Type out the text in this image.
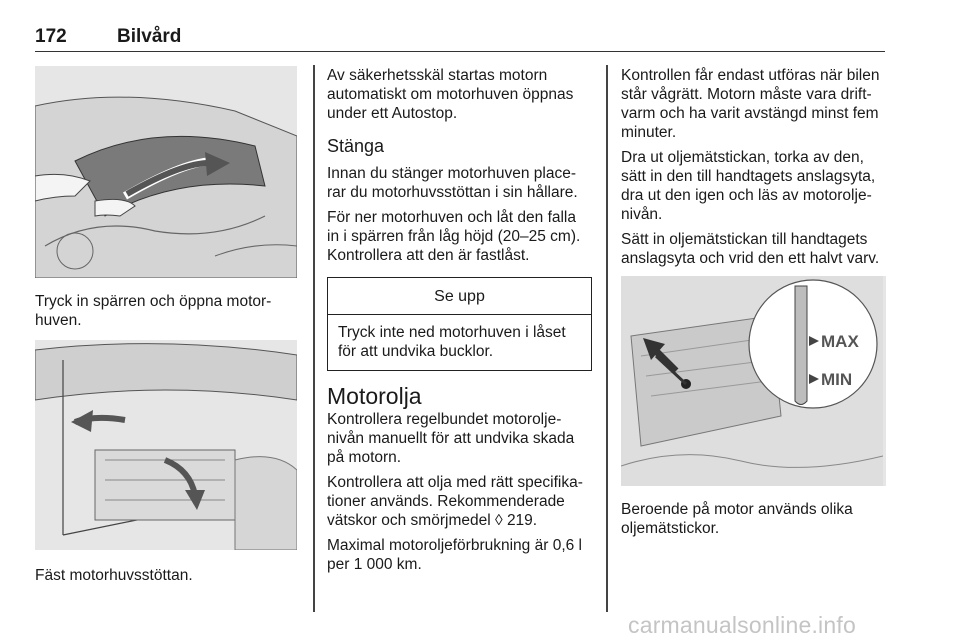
172	Bilvård

Tryck in spärren och öppna motor-huven.

Fäst motorhuvsstöttan.

Av säkerhetsskäl startas motorn automatiskt om motorhuven öppnas under ett Autostop.

Stänga

Innan du stänger motorhuven place-rar du motorhuvsstöttan i sin hållare.

För ner motorhuven och låt den falla in i spärren från låg höjd (20–25 cm). Kontrollera att den är fastlåst.

Se upp
Tryck inte ned motorhuven i låset för att undvika bucklor.
Motorolja

Kontrollera regelbundet motorolje-nivån manuellt för att undvika skada på motorn.

Kontrollera att olja med rätt specifika-tioner används. Rekommenderade vätskor och smörjmedel ◊ 219.

Maximal motoroljeförbrukning är 0,6 l per 1 000 km.

Kontrollen får endast utföras när bilen står vågrätt. Motorn måste vara drift-varm och ha varit avstängd minst fem minuter.

Dra ut oljemätstickan, torka av den, sätt in den till handtagets anslagsyta, dra ut den igen och läs av motorolje-nivån.

Sätt in oljemätstickan till handtagets anslagsyta och vrid den ett halvt varv.

MAX
MIN

Beroende på motor används olika oljemätstickor.

carmanualsonline.info
